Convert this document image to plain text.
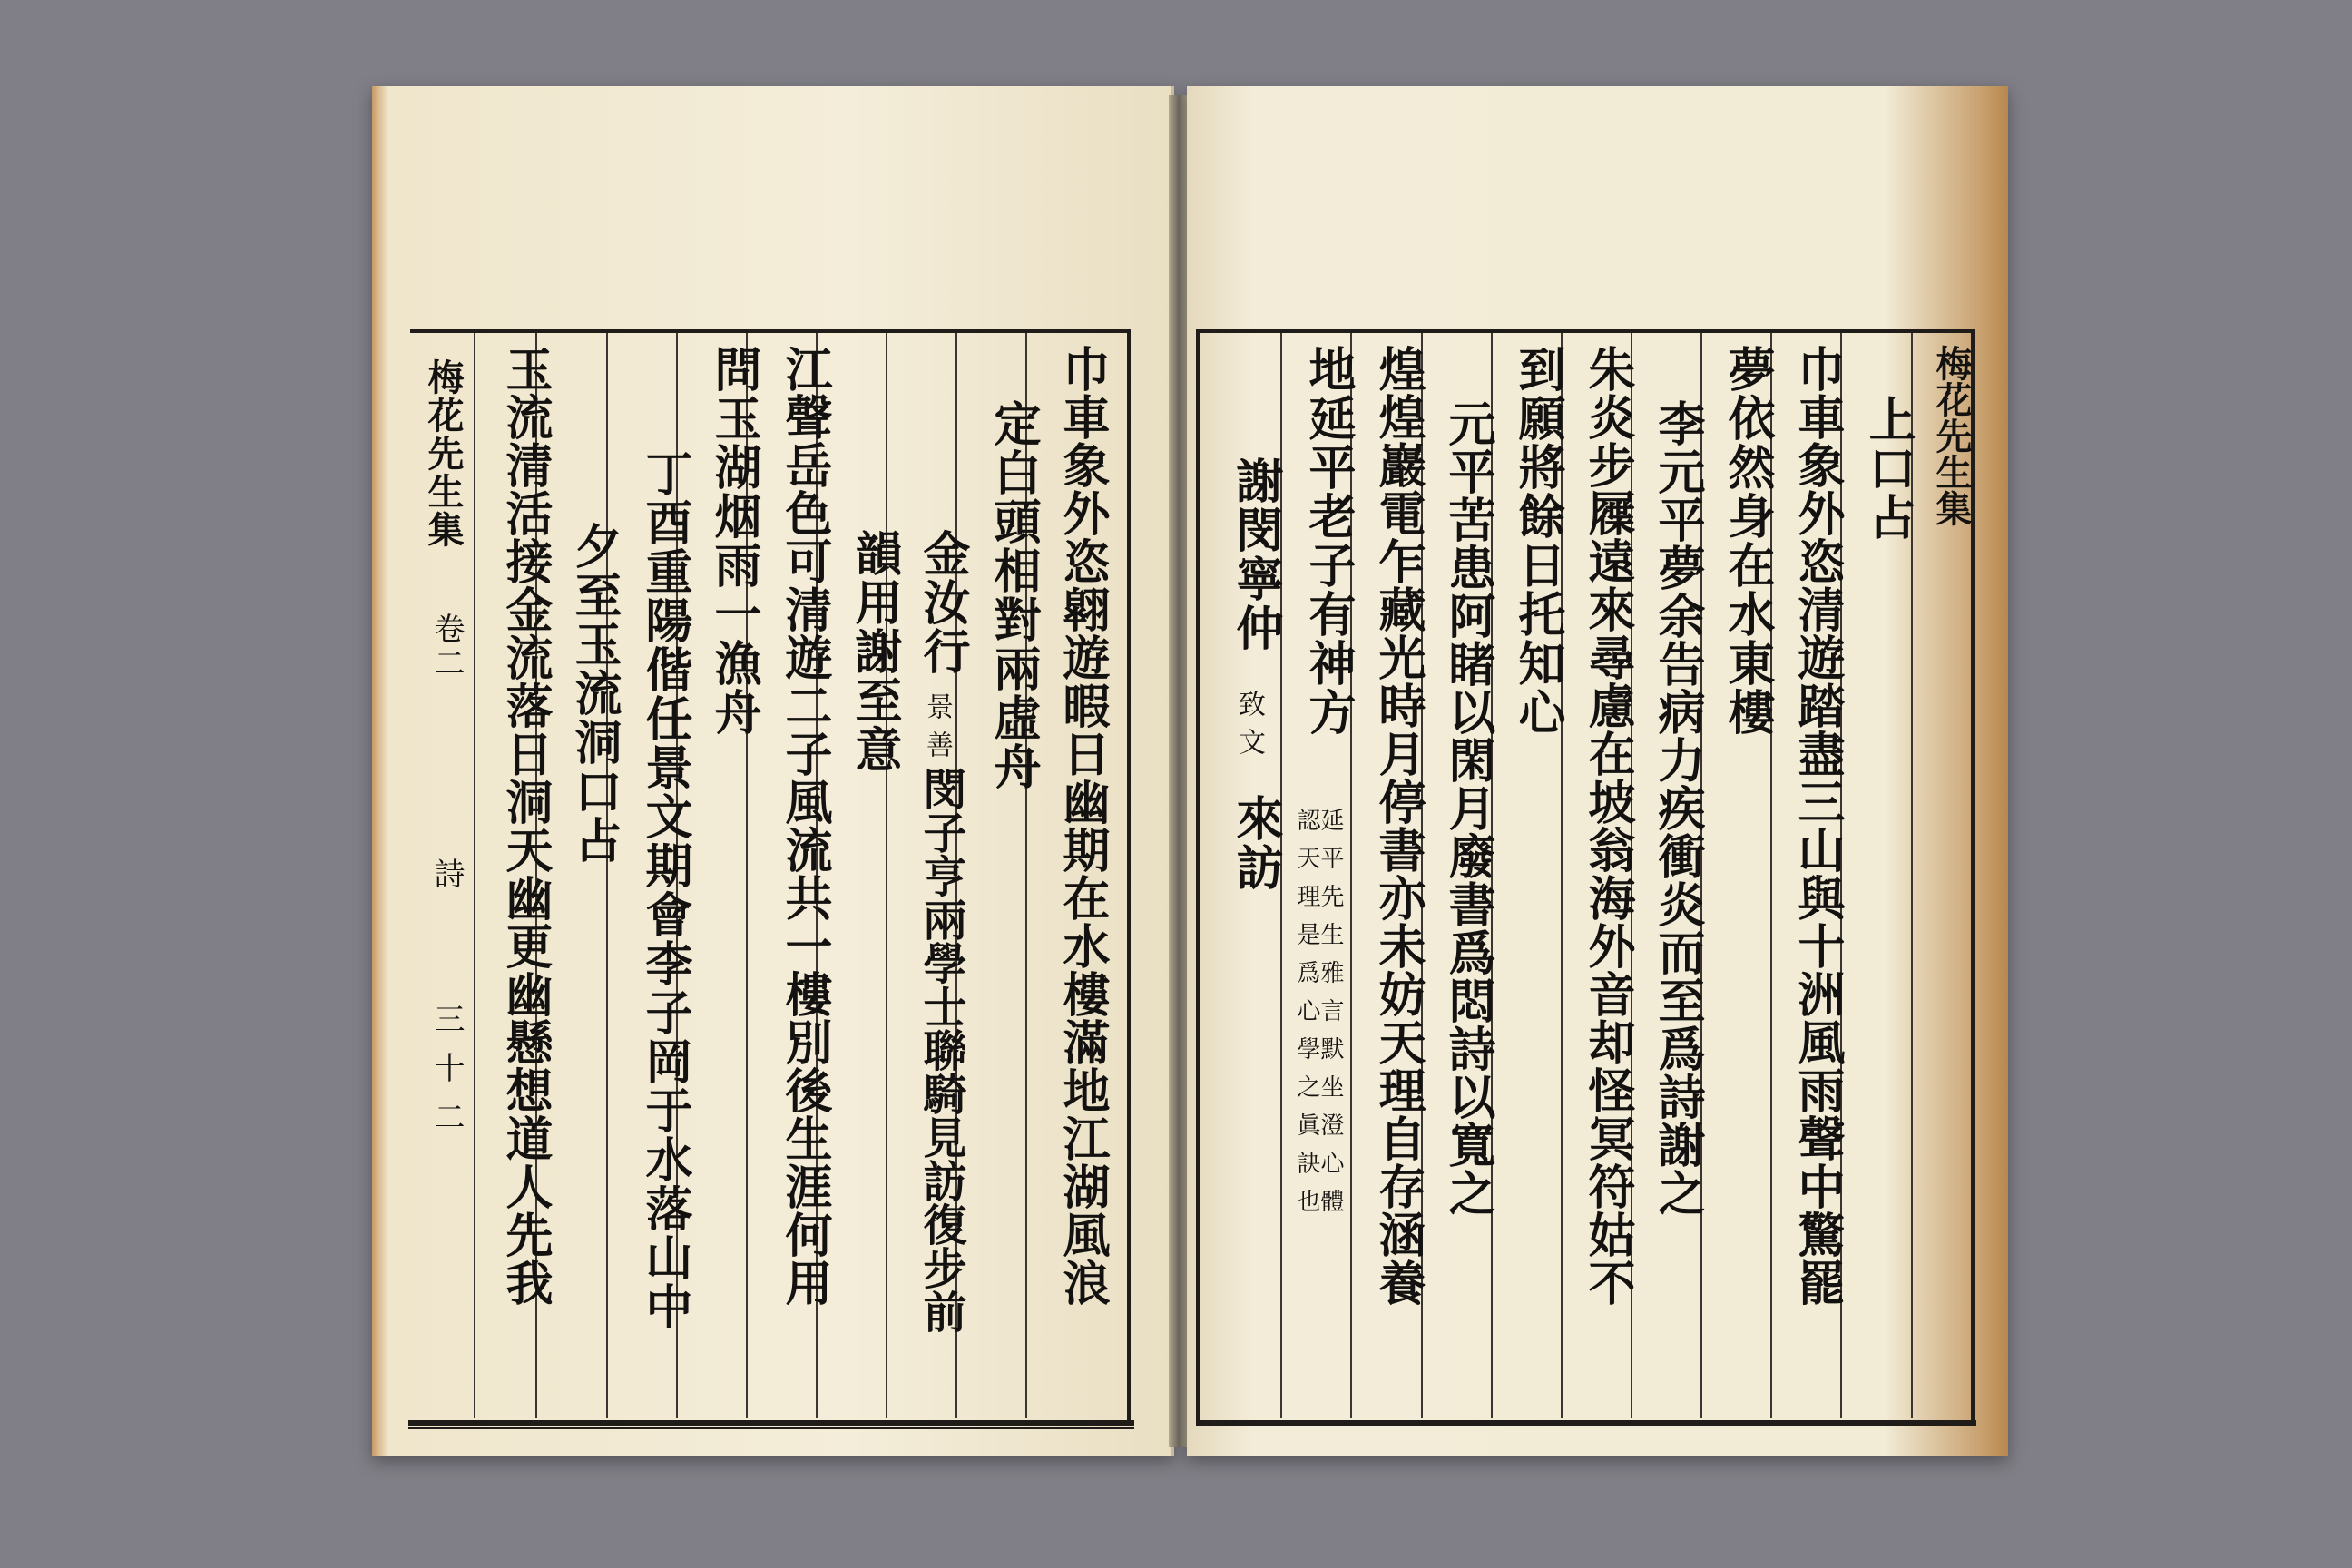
梅花先生集
卷二
詩
三十二	巾車象外恣翶遊暇日幽期在水樓滿地江湖風浪
定白頭相對兩虛舟
金汝行
景善
閔子亨兩學士聯騎見訪復步前
韻用謝至意
江聲岳色可清遊二子風流共一樓別後生涯何用
問玉湖烟雨一漁舟
丁酉重陽偕任景文期會李子岡于水落山中
夕至玉流洞口占
玉流清活接金流落日洞天幽更幽懸想道人先我	梅花先生集
上口占
巾車象外恣清遊踏盡三山與十洲風雨聲中驚罷
夢依然身在水東樓
李元平夢余告病力疾衝炎而至爲詩謝之
朱炎步屧遠來尋慮在坡翁海外音却怪冥符姑不
到願將餘日托知心
元平苦患阿睹以閑月廢書爲悶詩以寬之
煌煌巖電乍藏光時月停書亦未妨天理自存涵養
地延平老子有神方
延平先生雅言默坐澄心體
認天理是爲心學之眞訣也
謝閔寧仲
致文
來訪
